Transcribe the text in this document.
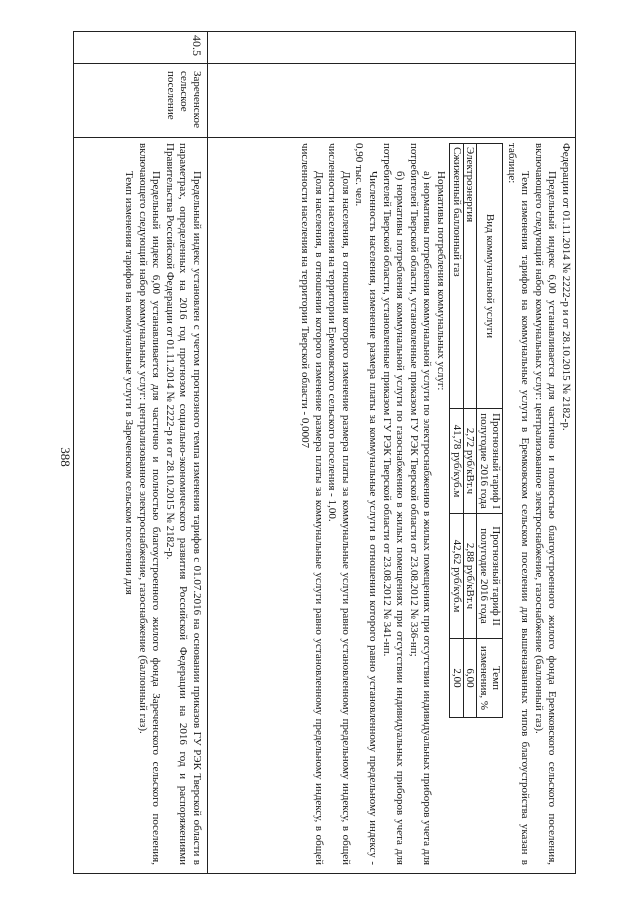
388

Федерации от 01.11.2014 № 2222-р и от 28.10.2015 № 2182-р.

Предельный индекс 6,00 устанавливается для частично и полностью благоустроенного жилого фонда Еремковского сельского поселения, включающего следующий набор коммунальных услуг: централизованное электроснабжение, газоснабжение (баллонный газ).

Темп изменения тарифов на коммунальные услуги в Еремковском сельском поселении для вышеназванных типов благоустройства указан в таблице:

Вид коммунальной услуги	Прогнозный тариф I полугодие 2016 года	Прогнозный тариф II полугодие 2016 года	Темп изменения, %
Электроэнергия	2,72 руб/кВт.ч	2,88 руб/кВт.ч	6,00
Сжиженный баллонный газ	41,78 руб/куб.м	42,62 руб/куб.м	2,00

Нормативы потребления коммунальных услуг:

а) нормативы потребления коммунальной услуги по электроснабжению в жилых помещениях при отсутствии индивидуальных приборов учета для потребителей Тверской области, установленные приказом ГУ РЭК Тверской области от 23.08.2012 № 336-нп;

б) нормативы потребления коммунальной услуги по газоснабжению в жилых помещениях при отсутствии индивидуальных приборов учета для потребителей Тверской области, установленные приказом ГУ РЭК Тверской области от 23.08.2012 № 341-нп.

Численность населения, изменение размера платы за коммунальные услуги в отношении которого равно установленному предельному индексу - 0,90 тыс. чел.

Доля населения, в отношении которого изменение размера платы за коммунальные услуги равно установленному предельному индексу, в общей численности населения на территории Еремковского сельского поселения - 1,00.

Доля населения, в отношении которого изменение размера платы за коммунальные услуги равно установленному предельному индексу, в общей численности населения на территории Тверской области - 0,0007

40.5
Зареченское сельское поселение

Предельный индекс установлен с учетом прогнозного темпа изменения тарифов с 01.07.2016 на основании приказов ГУ РЭК Тверской области в параметрах, определенных на 2016 год прогнозом социально-экономического развития Российской Федерации на 2016 год и распоряжениями Правительства Российской Федерации от 01.11.2014 № 2222-р и от 28.10.2015 № 2182-р.

Предельный индекс 6,00 устанавливается для частично и полностью благоустроенного жилого фонда Зареченского сельского поселения, включающего следующий набор коммунальных услуг: централизованное электроснабжение, газоснабжение (баллонный газ).

Темп изменения тарифов на коммунальные услуги в Зареченском сельском поселении для
